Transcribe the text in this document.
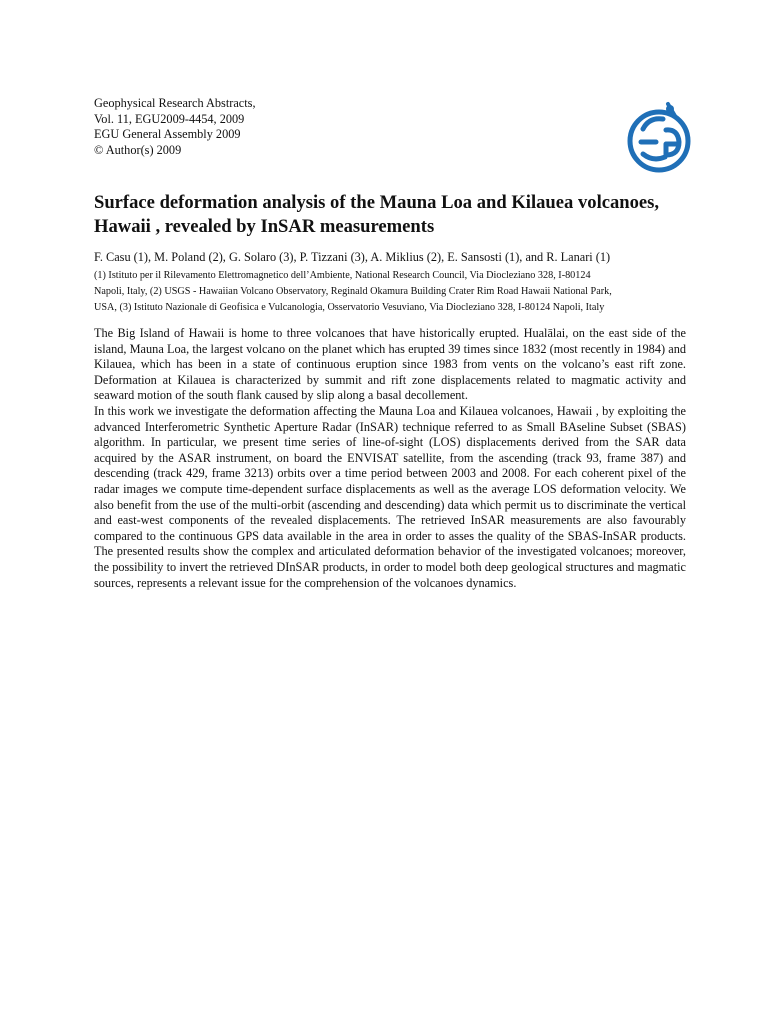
Geophysical Research Abstracts,
Vol. 11, EGU2009-4454, 2009
EGU General Assembly 2009
© Author(s) 2009
Surface deformation analysis of the Mauna Loa and Kilauea volcanoes,
Hawaii , revealed by InSAR measurements
F. Casu (1), M. Poland (2), G. Solaro (3), P. Tizzani (3), A. Miklius (2), E. Sansosti (1), and R. Lanari (1)
(1) Istituto per il Rilevamento Elettromagnetico dell’Ambiente, National Research Council, Via Diocleziano 328, I-80124
Napoli, Italy, (2) USGS - Hawaiian Volcano Observatory, Reginald Okamura Building Crater Rim Road Hawaii National Park,
USA, (3) Istituto Nazionale di Geofisica e Vulcanologia, Osservatorio Vesuviano, Via Diocleziano 328, I-80124 Napoli, Italy

The Big Island of Hawaii is home to three volcanoes that have historically erupted. Hualālai, on the east side of the island, Mauna Loa, the largest volcano on the planet which has erupted 39 times since 1832 (most recently in 1984) and Kilauea, which has been in a state of continuous eruption since 1983 from vents on the volcano’s east rift zone. Deformation at Kilauea is characterized by summit and rift zone displacements related to magmatic activity and seaward motion of the south flank caused by slip along a basal decollement.

In this work we investigate the deformation affecting the Mauna Loa and Kilauea volcanoes, Hawaii , by exploiting the advanced Interferometric Synthetic Aperture Radar (InSAR) technique referred to as Small BAseline Subset (SBAS) algorithm. In particular, we present time series of line-of-sight (LOS) displacements derived from the SAR data acquired by the ASAR instrument, on board the ENVISAT satellite, from the ascending (track 93, frame 387) and descending (track 429, frame 3213) orbits over a time period between 2003 and 2008. For each coherent pixel of the radar images we compute time-dependent surface displacements as well as the average LOS deformation velocity. We also benefit from the use of the multi-orbit (ascending and descending) data which permit us to discriminate the vertical and east-west components of the revealed displacements. The retrieved InSAR measurements are also favourably compared to the continuous GPS data available in the area in order to asses the quality of the SBAS-InSAR products. The presented results show the complex and articulated deformation behavior of the investigated volcanoes; moreover, the possibility to invert the retrieved DInSAR products, in order to model both deep geological structures and magmatic sources, represents a relevant issue for the comprehension of the volcanoes dynamics.
